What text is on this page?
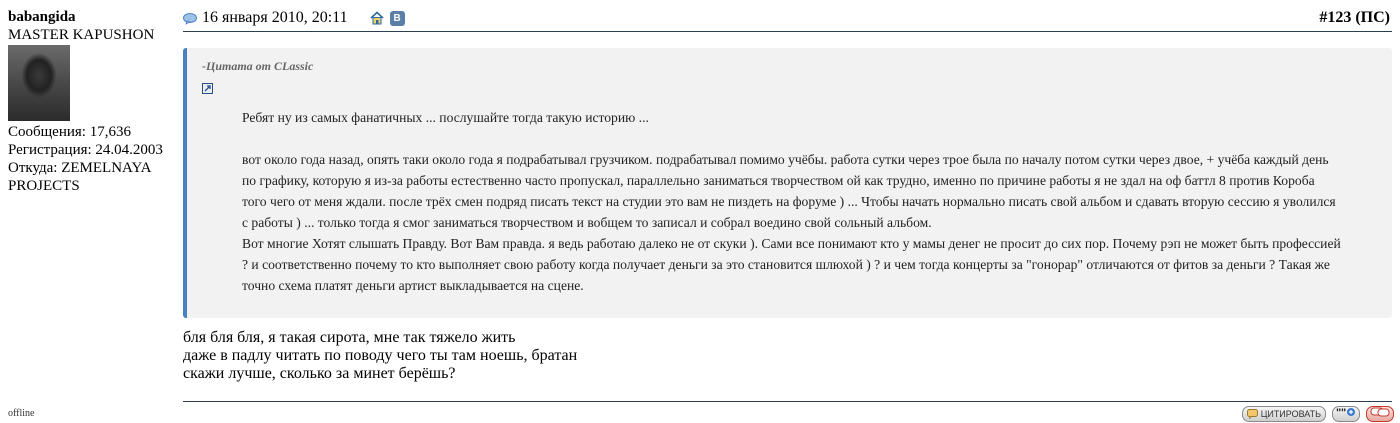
babangida
MASTER KAPUSHON
Сообщения: 17,636
Регистрация: 24.04.2003
Откуда: ZEMELNAYA PROJECTS
offline
16 января 2010, 20:11	B	#123 (ПС)
-Цитата от CLassic

Ребят ну из самых фанатичных ... послушайте тогда такую историю ...

вот около года назад, опять таки около года я подрабатывал грузчиком. подрабатывал помимо учёбы. работа сутки через трое была по началу потом сутки через двое, + учёба каждый день по графику, которую я из-за работы естественно часто пропускал, параллельно заниматься творчеством ой как трудно, именно по причине работы я не здал на оф баттл 8 против Короба того чего от меня ждали. после трёх смен подряд писать текст на студии это вам не пиздеть на форуме ) ... Чтобы начать нормально писать свой альбом и сдавать вторую сессию я уволился с работы ) ... только тогда я смог заниматься творчеством и вобщем то записал и собрал воедино свой сольный альбом.

Вот многие Хотят слышать Правду. Вот Вам правда. я ведь работаю далеко не от скуки ). Сами все понимают кто у мамы денег не просит до сих пор. Почему рэп не может быть профессией ? и соответственно почему то кто выполняет свою работу когда получает деньги за это становится шлюхой ) ? и чем тогда концерты за "гонорар" отличаются от фитов за деньги ? Такая же точно схема платят деньги артист выкладывается на сцене.

бля бля бля, я такая сирота, мне так тяжело жить
даже в падлу читать по поводу чего ты там ноешь, братан
скажи лучше, сколько за минет берёшь?
ЦИТИРОВАТЬ " "
